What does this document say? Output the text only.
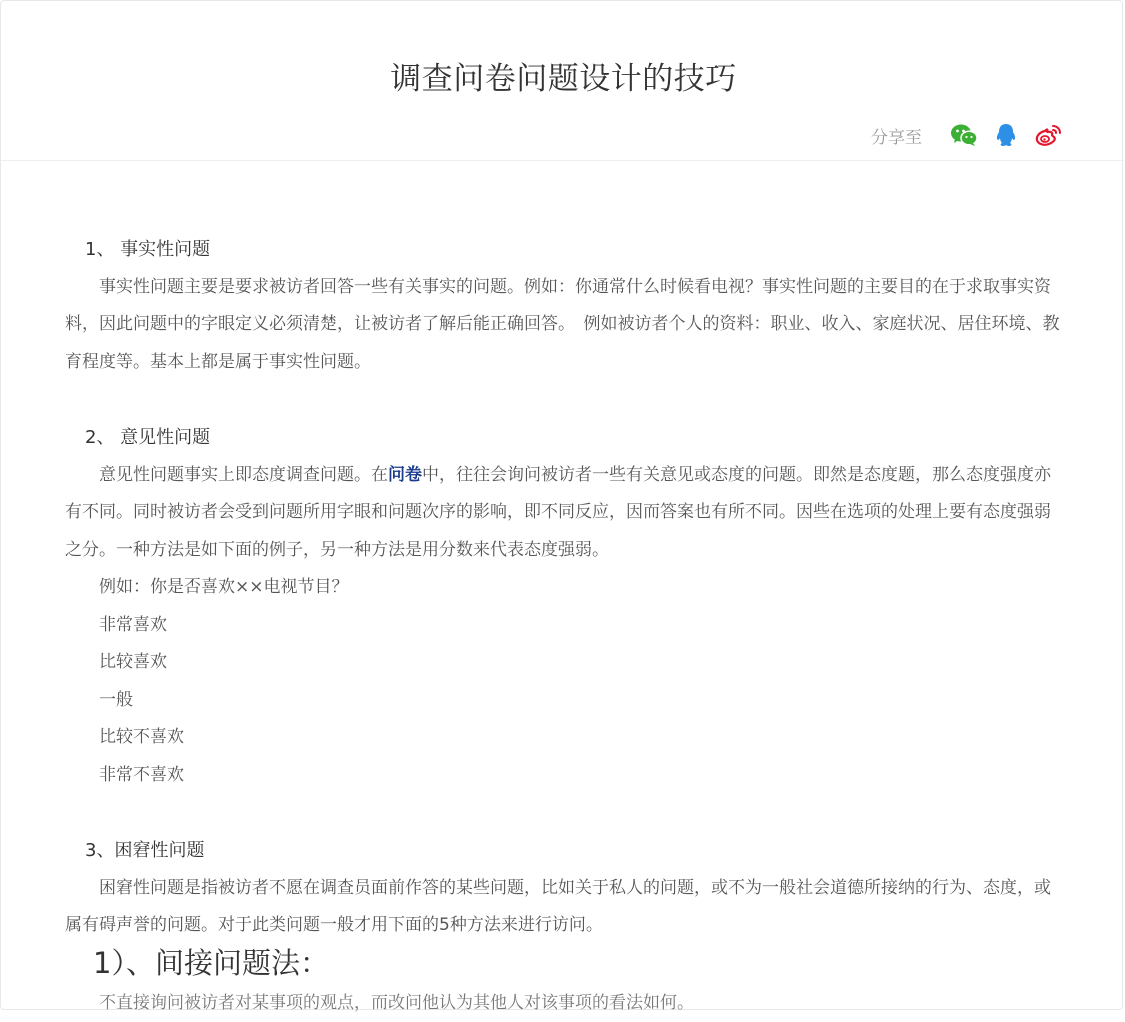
调查问卷问题设计的技巧
分享至
1、 事实性问题

事实性问题主要是要求被访者回答一些有关事实的问题。例如：你通常什么时候看电视？事实性问题的主要目的在于求取事实资料，因此问题中的字眼定义必须清楚，让被访者了解后能正确回答。　例如被访者个人的资料：职业、收入、家庭状况、居住环境、教育程度等。基本上都是属于事实性问题。

2、 意见性问题

意见性问题事实上即态度调查问题。在问卷中，往往会询问被访者一些有关意见或态度的问题。即然是态度题，那么态度强度亦有不同。同时被访者会受到问题所用字眼和问题次序的影响，即不同反应，因而答案也有所不同。因些在选项的处理上要有态度强弱之分。一种方法是如下面的例子，另一种方法是用分数来代表态度强弱。

例如：你是否喜欢××电视节目？

非常喜欢

比较喜欢

一般

比较不喜欢

非常不喜欢

3、困窘性问题

困窘性问题是指被访者不愿在调查员面前作答的某些问题，比如关于私人的问题，或不为一般社会道德所接纳的行为、态度，或属有碍声誉的问题。对于此类问题一般才用下面的5种方法来进行访问。

1）、间接问题法：

不直接询问被访者对某事项的观点，而改问他认为其他人对该事项的看法如何。
